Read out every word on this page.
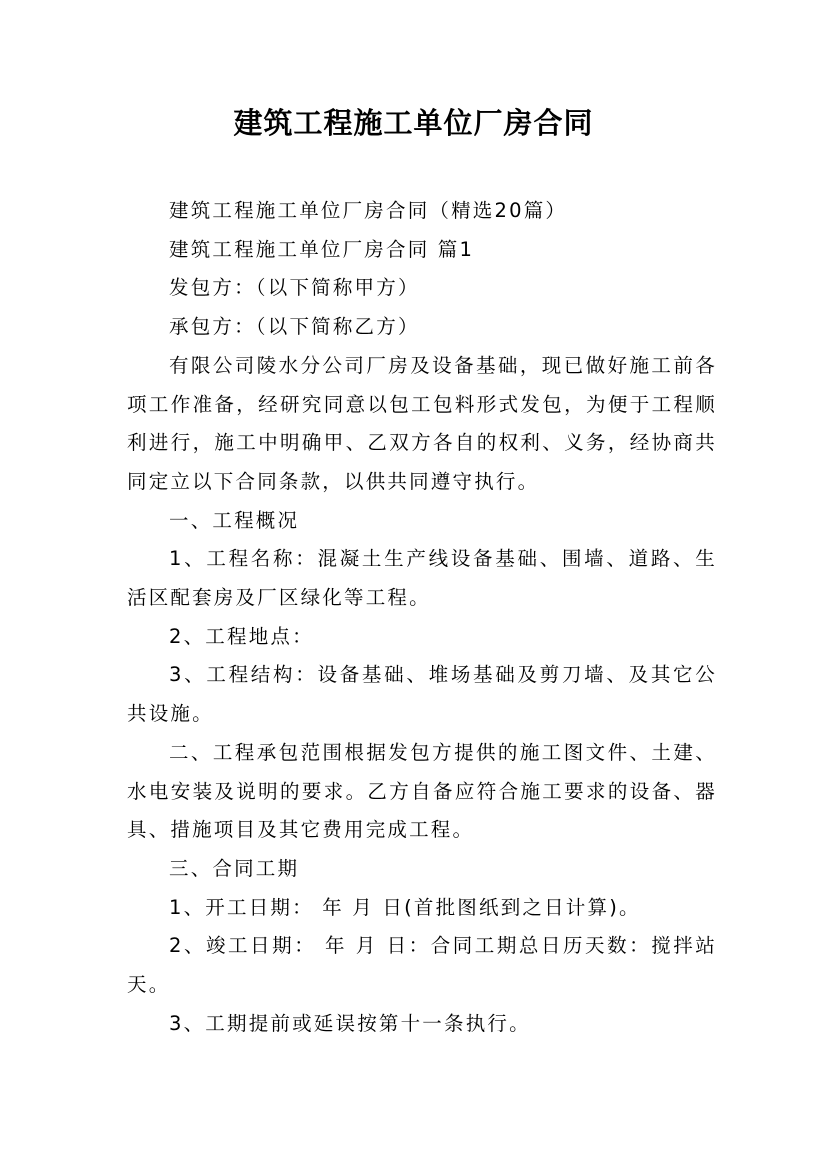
建筑工程施工单位厂房合同

建筑工程施工单位厂房合同（精选20篇）

建筑工程施工单位厂房合同 篇1

发包方：（以下简称甲方）

承包方：（以下简称乙方）

有限公司陵水分公司厂房及设备基础，现已做好施工前各项工作准备，经研究同意以包工包料形式发包，为便于工程顺利进行，施工中明确甲、乙双方各自的权利、义务，经协商共同定立以下合同条款，以供共同遵守执行。

一、工程概况

1、工程名称：混凝土生产线设备基础、围墙、道路、生活区配套房及厂区绿化等工程。

2、工程地点：

3、工程结构：设备基础、堆场基础及剪刀墙、及其它公共设施。

二、工程承包范围根据发包方提供的施工图文件、土建、水电安装及说明的要求。乙方自备应符合施工要求的设备、器具、措施项目及其它费用完成工程。

三、合同工期

1、开工日期： 年 月 日(首批图纸到之日计算)。

2、竣工日期： 年 月 日：合同工期总日历天数：搅拌站 天。

3、工期提前或延误按第十一条执行。
